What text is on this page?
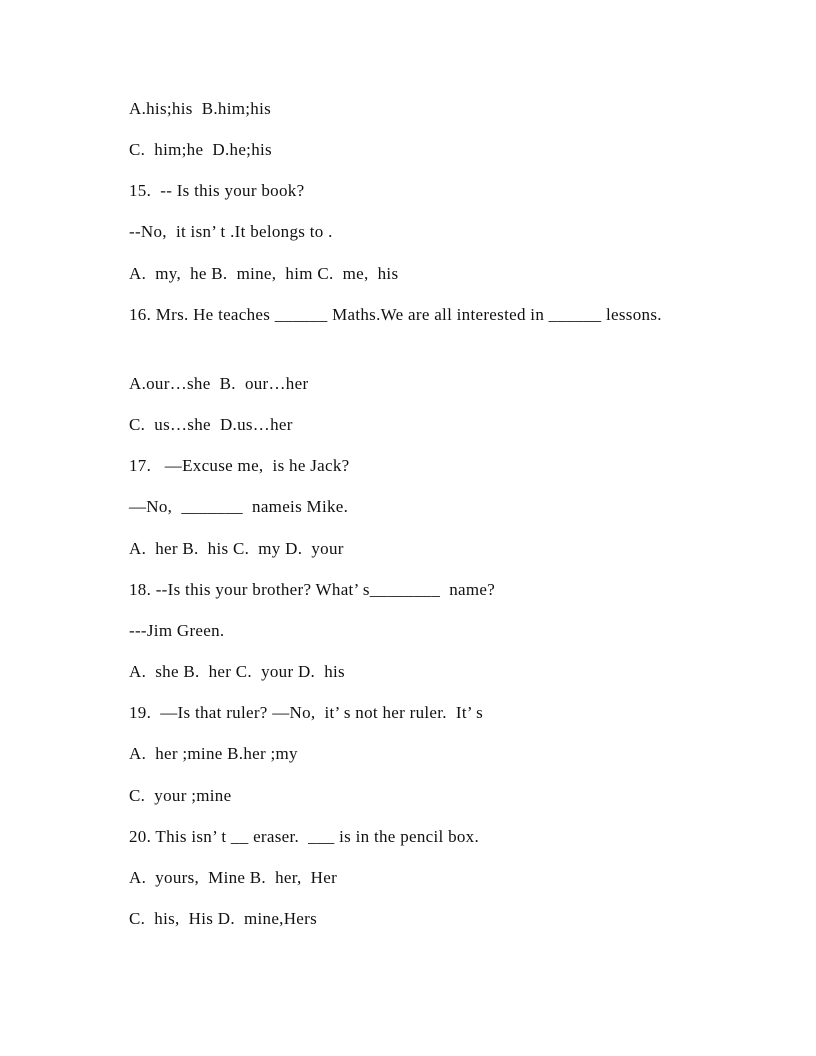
A.his;his  B.him;his
C.  him;he  D.he;his
15.  -- Is this your book?
--No,  it isn’ t .It belongs to .
A.  my,  he B.  mine,  him C.  me,  his
16. Mrs. He teaches ______ Maths.We are all interested in ______ lessons.
A.our…she  B.  our…her
C.  us…she  D.us…her
17.   —Excuse me,  is he Jack?
—No,  _______  nameis Mike.
A.  her B.  his C.  my D.  your
18. --Is this your brother? What’ s________  name?
---Jim Green.
A.  she B.  her C.  your D.  his
19.  —Is that ruler? —No,  it’ s not her ruler.  It’ s
A.  her ;mine B.her ;my
C.  your ;mine
20. This isn’ t __ eraser.  ___ is in the pencil box.
A.  yours,  Mine B.  her,  Her
C.  his,  His D.  mine,Hers
